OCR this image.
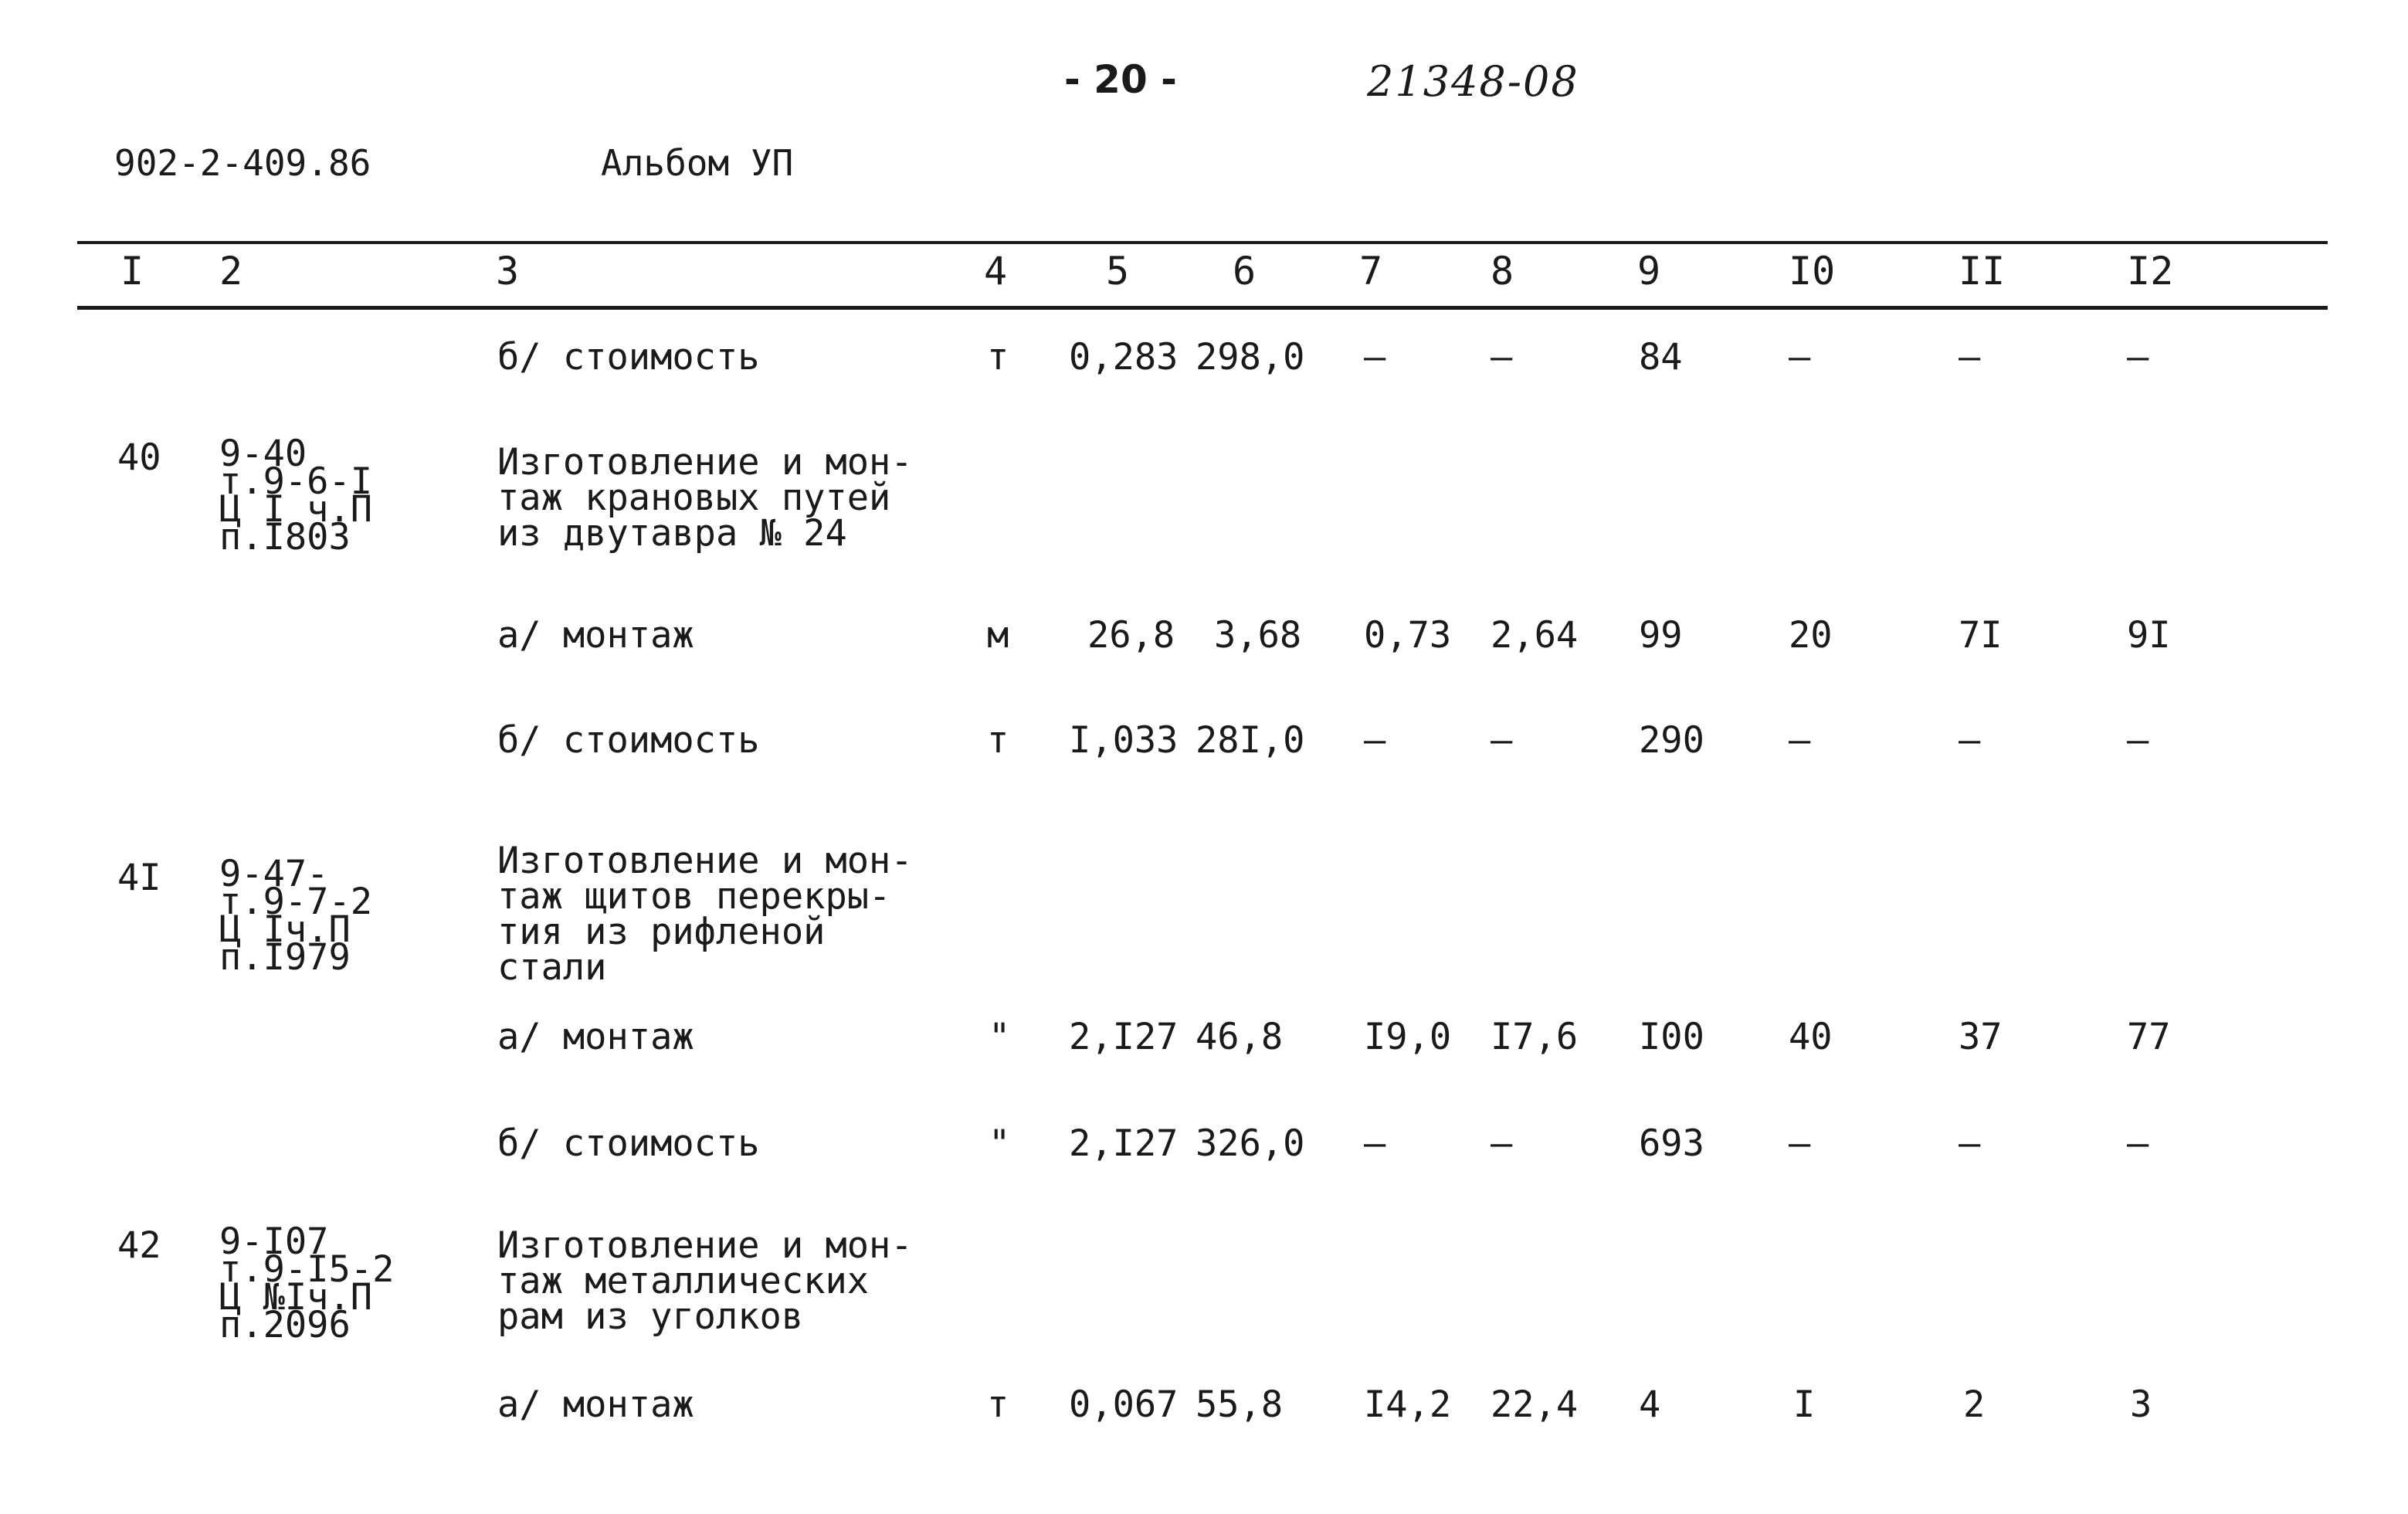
- 20 -	21348-08
902-2-409.86	Альбом УП
I 2	3	4	5	6	7	8	9	I0	II	I2
б/ стоимость	т 0,283 298,0 –	–	84	–	–	–
40 9-40
т.9-6-I
Ц I ч.П
п.I803
Изготовление и мон-
таж крановых путей
из двутавра № 24
а/ монтаж	м 26,8 3,68 0,73 2,64 99	20	7I	9I
б/ стоимость	т I,033 28I,0 –	–	290 –	–	–
4I 9-47-
т.9-7-2
Ц Iч.П
п.I979
Изготовление и мон-
таж щитов перекры-
тия из рифленой
стали
а/ монтаж	" 2,I27 46,8 I9,0 I7,6 I00 40	37	77
б/ стоимость	" 2,I27 326,0 –	–	693 –	–	–
42 9-I07
т.9-I5-2
Ц №Iч.П
п.2096
Изготовление и мон-
таж металлических
рам из уголков
а/ монтаж	т 0,067 55,8 I4,2 22,4 4	I	2	3
